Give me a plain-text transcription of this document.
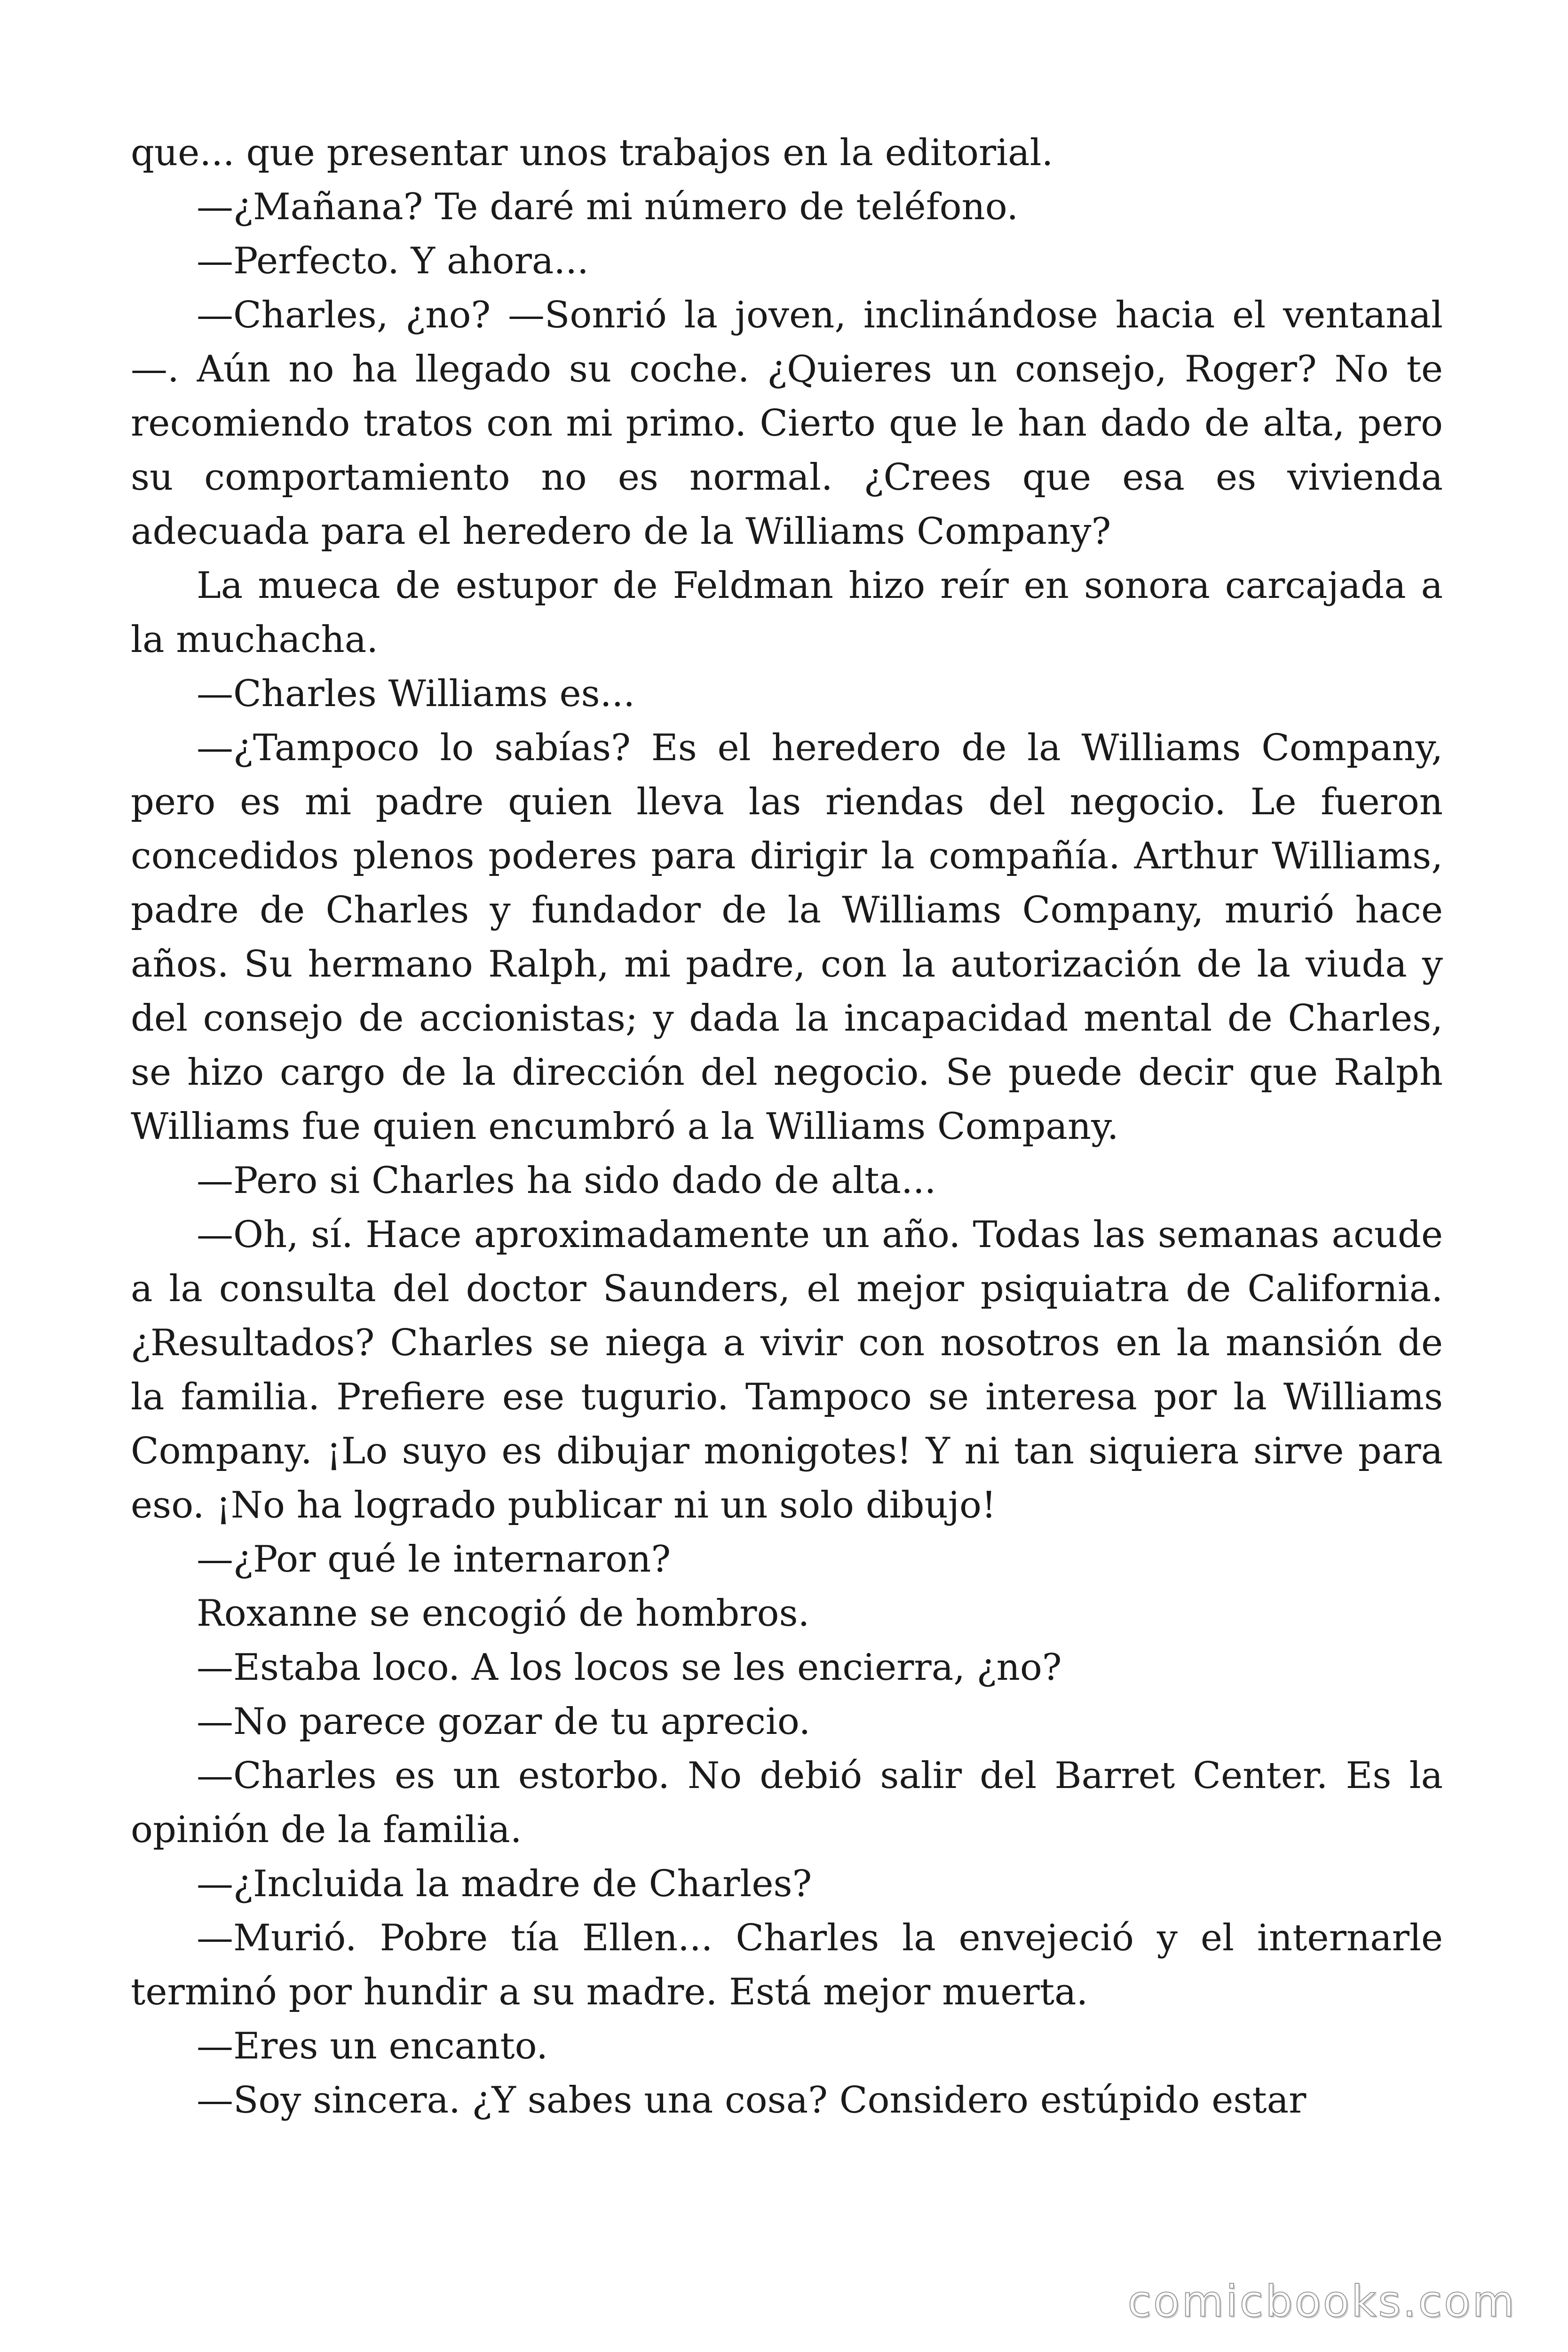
que... que presentar unos trabajos en la editorial.

—¿Mañana? Te daré mi número de teléfono.

—Perfecto. Y ahora...

—Charles, ¿no? —Sonrió la joven, inclinándose hacia el ventanal—. Aún no ha llegado su coche. ¿Quieres un consejo, Roger? No te recomiendo tratos con mi primo. Cierto que le han dado de alta, pero su comportamiento no es normal. ¿Crees que esa es vivienda adecuada para el heredero de la Williams Company?

La mueca de estupor de Feldman hizo reír en sonora carcajada a la muchacha.

—Charles Williams es...

—¿Tampoco lo sabías? Es el heredero de la Williams Company, pero es mi padre quien lleva las riendas del negocio. Le fueron concedidos plenos poderes para dirigir la compañía. Arthur Williams, padre de Charles y fundador de la Williams Company, murió hace años. Su hermano Ralph, mi padre, con la autorización de la viuda y del consejo de accionistas; y dada la incapacidad mental de Charles, se hizo cargo de la dirección del negocio. Se puede decir que Ralph Williams fue quien encumbró a la Williams Company.

—Pero si Charles ha sido dado de alta...

—Oh, sí. Hace aproximadamente un año. Todas las semanas acude a la consulta del doctor Saunders, el mejor psiquiatra de California. ¿Resultados? Charles se niega a vivir con nosotros en la mansión de la familia. Prefiere ese tugurio. Tampoco se interesa por la Williams Company. ¡Lo suyo es dibujar monigotes! Y ni tan siquiera sirve para eso. ¡No ha logrado publicar ni un solo dibujo!

—¿Por qué le internaron?

Roxanne se encogió de hombros.

—Estaba loco. A los locos se les encierra, ¿no?

—No parece gozar de tu aprecio.

—Charles es un estorbo. No debió salir del Barret Center. Es la opinión de la familia.

—¿Incluida la madre de Charles?

—Murió. Pobre tía Ellen... Charles la envejeció y el internarle terminó por hundir a su madre. Está mejor muerta.

—Eres un encanto.

—Soy sincera. ¿Y sabes una cosa? Considero estúpido estar

comicbooks.com
